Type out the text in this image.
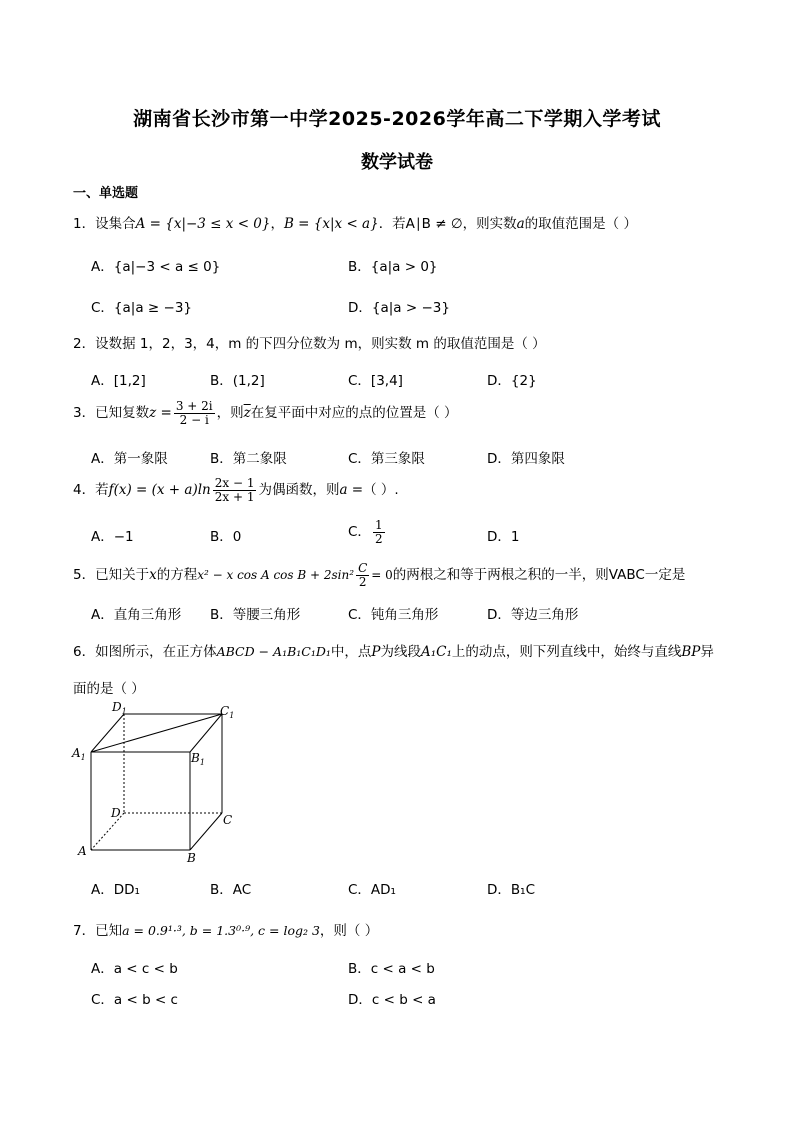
湖南省长沙市第一中学2025-2026学年高二下学期入学考试
数学试卷
一、单选题
1．设集合A = {x|−3 ≤ x < 0}，B = {x|x < a}．若A∣B ≠ ∅，则实数a的取值范围是（ ）
A．{a|−3 < a ≤ 0}	B．{a|a > 0}
C．{a|a ≥ −3}	D．{a|a > −3}
2．设数据 1，2，3，4，m 的下四分位数为 m，则实数 m 的取值范围是（ ）
A．[1,2]	B．(1,2]	C．[3,4]	D．{2}
3．已知复数$z = \frac{3 + 2i}{2 - i}$ ，则$\overline{z}$在复平面中对应的点的位置是（ ）
A．第一象限	B．第二象限	C．第三象限	D．第四象限
4．若$f(x) = (x + a)\ln \frac{2x - 1}{2x + 1}$ 为偶函数，则a =（ ）.
A．−1	B．0	C． $\frac{1}{2}$	D．1
5．已知关于x的方程x² − x cos A $\cos B + 2\sin^2 \frac{C}{2} = 0$的两根之和等于两根之积的一半，则VABC一定是
A．直角三角形 B．等腰三角形	C．钝角三角形	D．等边三角形
6．如图所示，在正方体ABCD − A₁B₁C₁D₁中，点P为线段A₁C₁上的动点，则下列直线中，始终与直线BP异
面的是（ ）
$D_1$	$C_1$
$A_1$	$B_1$
D	C
A	B
A．DD₁	B．AC	C．AD₁	D．B₁C
7．已知a = 0.9¹·³, b = 1.3⁰·⁹, c = log₂ 3，则（ ）
A．a < c < b	B．c < a < b
C．a < b < c	D．c < b < a
